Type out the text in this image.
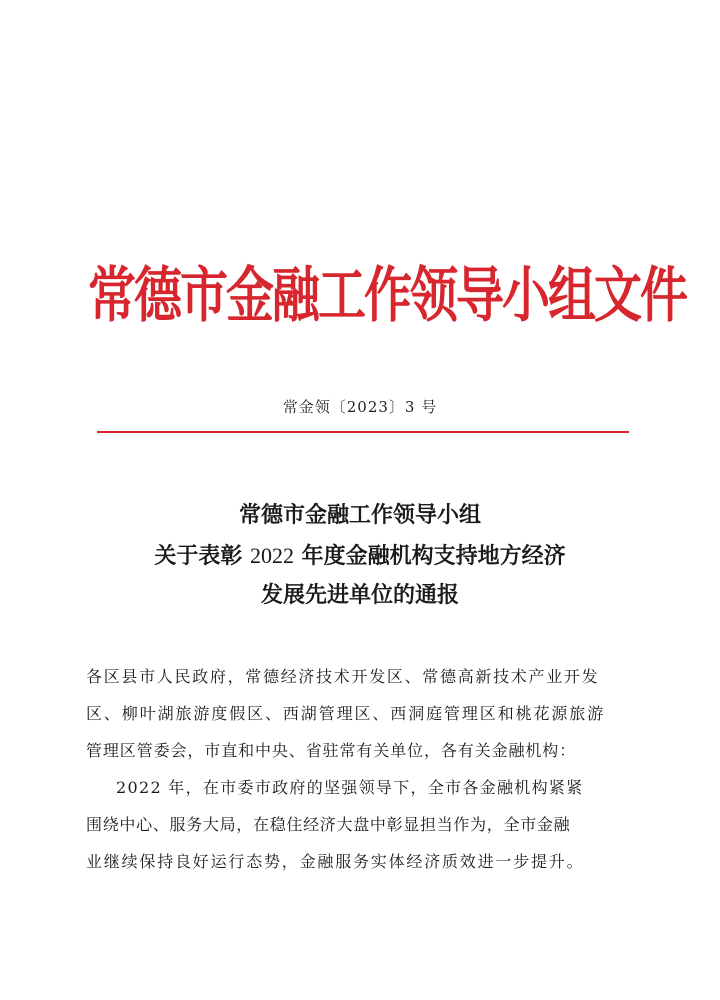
常德市金融工作领导小组文件
常金领〔2023〕3 号
常德市金融工作领导小组
关于表彰 2022 年度金融机构支持地方经济
发展先进单位的通报
各区县市人民政府，常德经济技术开发区、常德高新技术产业开发
区、柳叶湖旅游度假区、西湖管理区、西洞庭管理区和桃花源旅游
管理区管委会，市直和中央、省驻常有关单位，各有关金融机构：
2022 年，在市委市政府的坚强领导下，全市各金融机构紧紧
围绕中心、服务大局，在稳住经济大盘中彰显担当作为，全市金融
业继续保持良好运行态势，金融服务实体经济质效进一步提升。
